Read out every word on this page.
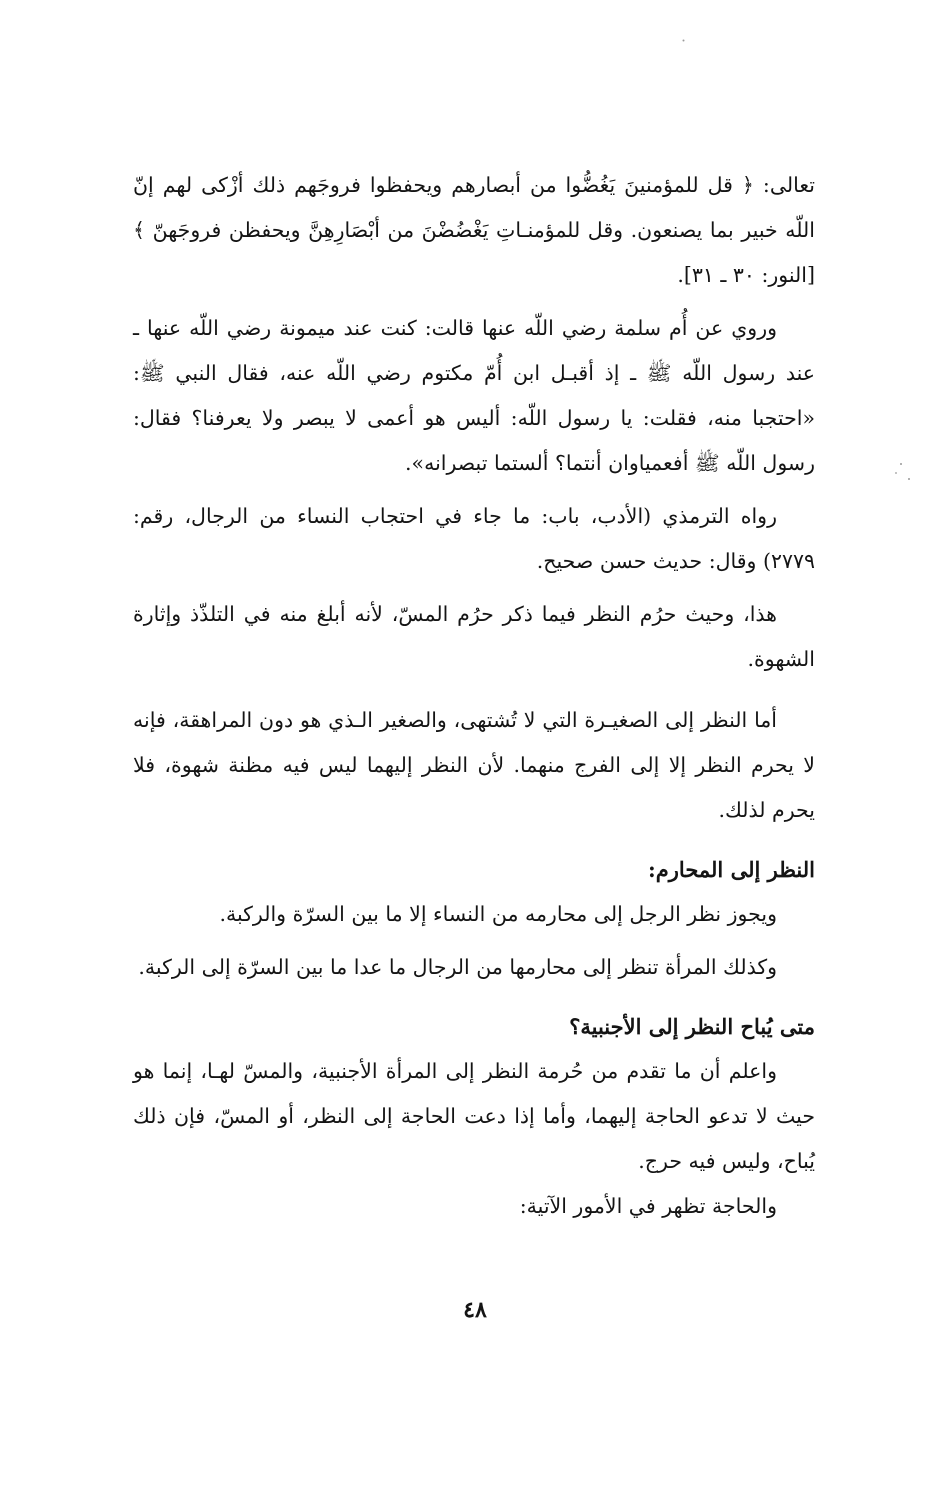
تعالى: ﴿ قل للمؤمنينَ يَغُضُّوا من أبصارهم ويحفظوا فروجَهم ذلك أزْكى لهم إنّ اللّه خبير بما يصنعون. وقل للمؤمنـاتِ يَغْضُضْنَ من أبْصَارِهِنَّ ويحفظن فروجَهنّ ﴾ [النور: ٣٠ ـ ٣١].

وروي عن أُم سلمة رضي اللّه عنها قالت: كنت عند ميمونة رضي اللّه عنها ـ عند رسول اللّه ﷺ ـ إذ أقبـل ابن أُمّ مكتوم رضي اللّه عنه، فقال النبي ﷺ: «احتجبا منه، فقلت: يا رسول اللّه: أليس هو أعمى لا يبصر ولا يعرفنا؟ فقال: رسول اللّه ﷺ أفعمياوان أنتما؟ ألستما تبصرانه».

رواه الترمذي (الأدب، باب: ما جاء في احتجاب النساء من الرجال، رقم: ٢٧٧٩) وقال: حديث حسن صحيح.

هذا، وحيث حرُم النظر فيما ذكر حرُم المسّ، لأنه أبلغ منه في التلذّذ وإثارة الشهوة.

أما النظر إلى الصغيـرة التي لا تُشتهى، والصغير الـذي هو دون المراهقة، فإنه لا يحرم النظر إلا إلى الفرج منهما. لأن النظر إليهما ليس فيه مظنة شهوة، فلا يحرم لذلك.

النظر إلى المحارم:

ويجوز نظر الرجل إلى محارمه من النساء إلا ما بين السرّة والركبة.

وكذلك المرأة تنظر إلى محارمها من الرجال ما عدا ما بين السرّة إلى الركبة.

متى يُباح النظر إلى الأجنبية؟

واعلم أن ما تقدم من حُرمة النظر إلى المرأة الأجنبية، والمسّ لهـا، إنما هو حيث لا تدعو الحاجة إليهما، وأما إذا دعت الحاجة إلى النظر، أو المسّ، فإن ذلك يُباح، وليس فيه حرج.

والحاجة تظهر في الأمور الآتية:

٤٨
